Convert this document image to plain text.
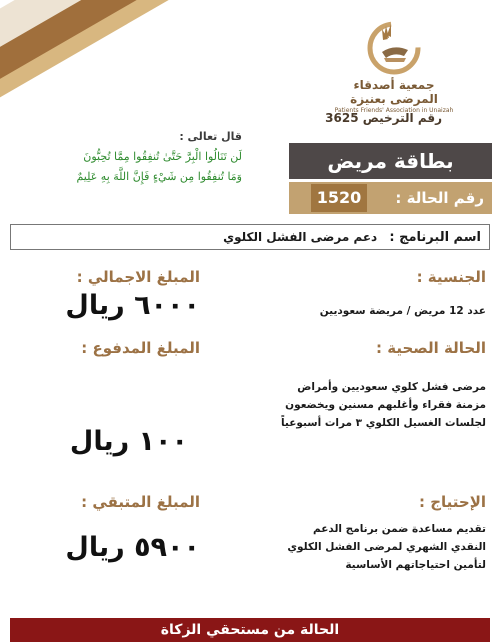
جمعية أصدقاء المرضى بعنيزة
Patients Friends' Association in Unaizah
رقم الترخيص 3625
قال تعالى :
لَن تَنَالُوا الْبِرَّ حَتَّىٰ تُنفِقُوا مِمَّا تُحِبُّونَ
وَمَا تُنفِقُوا مِن شَيْءٍ فَإِنَّ اللَّهَ بِهِ عَلِيمٌ
بطاقة مريض
رقم الحالة :
1520
اسم البرنامج : دعم مرضى الفشل الكلوي
الجنسية :
عدد 12 مريض / مريضة سعوديين
الحالة الصحية :
مرضى فشل كلوي سعوديين وأمراض
مزمنة فقراء وأغلبهم مسنين ويخضعون
لجلسات الغسيل الكلوي ٣ مرات أسبوعياً
الإحتياج :
تقديم مساعدة ضمن برنامج الدعم
النقدي الشهري لمرضى الفشل الكلوي
لتأمين احتياجاتهم الأساسية
المبلغ الاجمالي :
٦٠٠٠ ريال
المبلغ المدفوع :
١٠٠ ريال
المبلغ المتبقي :
٥٩٠٠ ريال
الحالة من مستحقي الزكاة
